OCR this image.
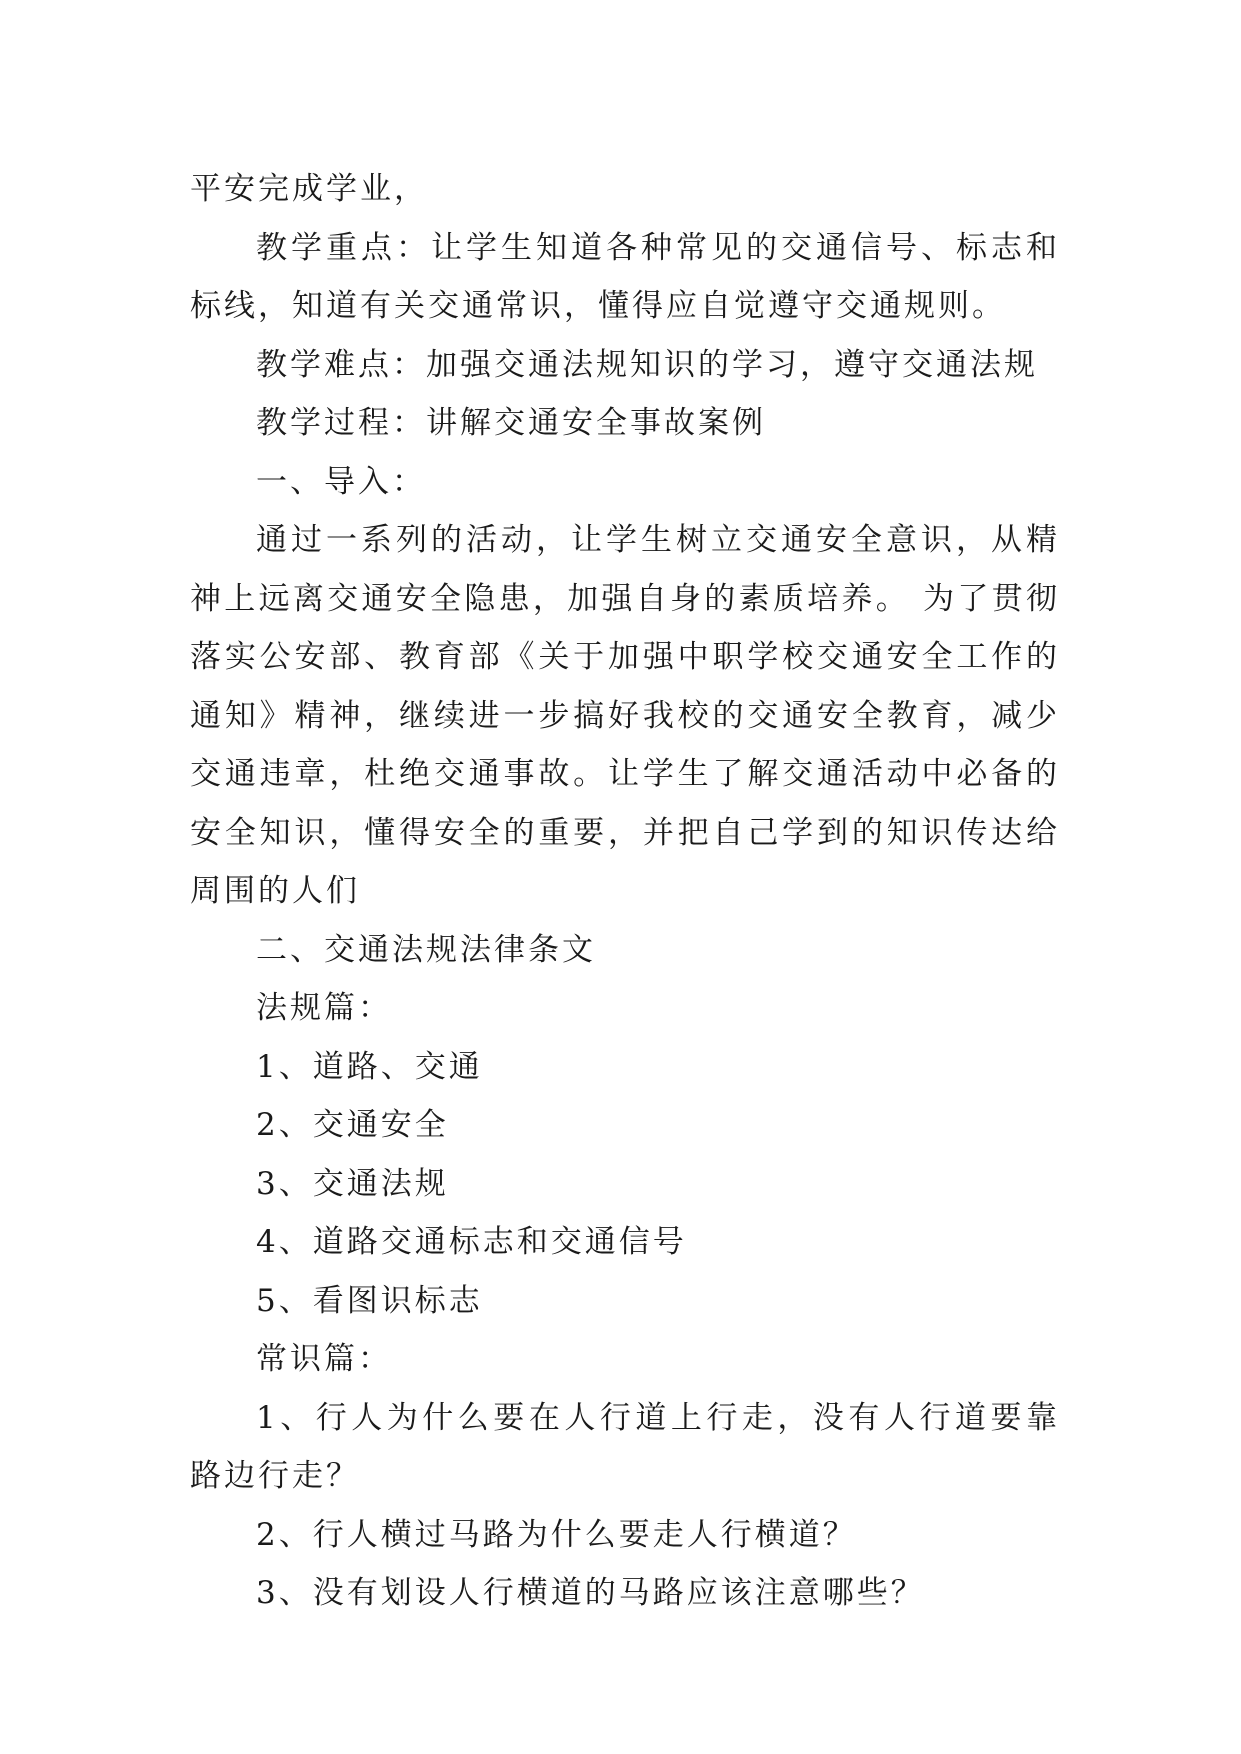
平安完成学业，

教学重点：让学生知道各种常见的交通信号、标志和标线，知道有关交通常识，懂得应自觉遵守交通规则。

教学难点：加强交通法规知识的学习，遵守交通法规

教学过程：讲解交通安全事故案例

一、导入：

通过一系列的活动，让学生树立交通安全意识，从精神上远离交通安全隐患，加强自身的素质培养。 为了贯彻落实公安部、教育部《关于加强中职学校交通安全工作的通知》精神，继续进一步搞好我校的交通安全教育，减少交通违章，杜绝交通事故。让学生了解交通活动中必备的安全知识，懂得安全的重要，并把自己学到的知识传达给周围的人们

二、交通法规法律条文

法规篇：

1、道路、交通

2、交通安全

3、交通法规

4、道路交通标志和交通信号

5、看图识标志

常识篇：

1、行人为什么要在人行道上行走，没有人行道要靠路边行走？

2、行人横过马路为什么要走人行横道？

3、没有划设人行横道的马路应该注意哪些？
